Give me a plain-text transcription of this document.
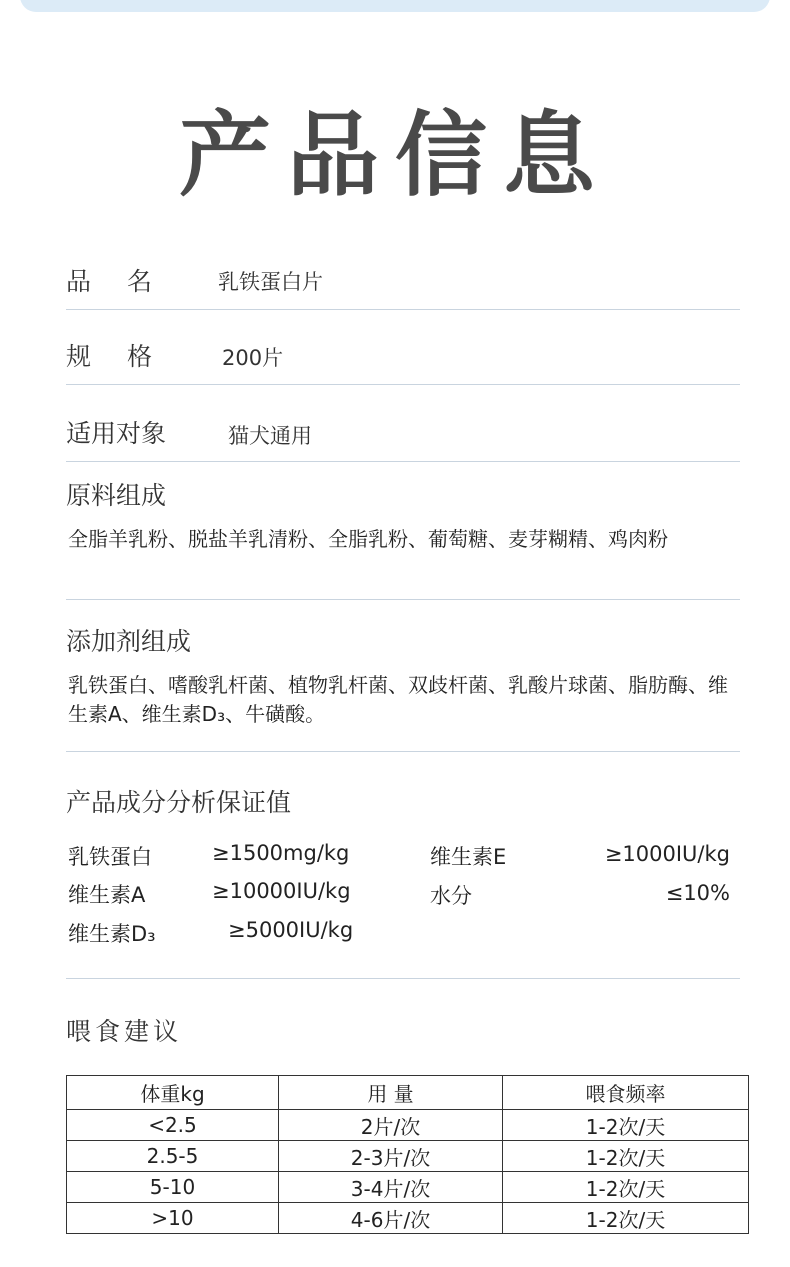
产品信息
品 名 乳铁蛋白片
规 格	200片
适用对象	猫犬通用
原料组成
全脂羊乳粉、脱盐羊乳清粉、全脂乳粉、葡萄糖、麦芽糊精、鸡肉粉
添加剂组成
乳铁蛋白、嗜酸乳杆菌、植物乳杆菌、双歧杆菌、乳酸片球菌、脂肪酶、维生素A、维生素D₃、牛磺酸。
产品成分分析保证值
乳铁蛋白	≥1500mg/kg
维生素A	≥10000IU/kg
维生素D₃	≥5000IU/kg
维生素E	≥1000IU/kg
水分	≤10%
喂食建议
体重kg	用 量	喂食频率
<2.5	2片/次	1-2次/天
2.5-5	2-3片/次	1-2次/天
5-10	3-4片/次	1-2次/天
>10	4-6片/次	1-2次/天
